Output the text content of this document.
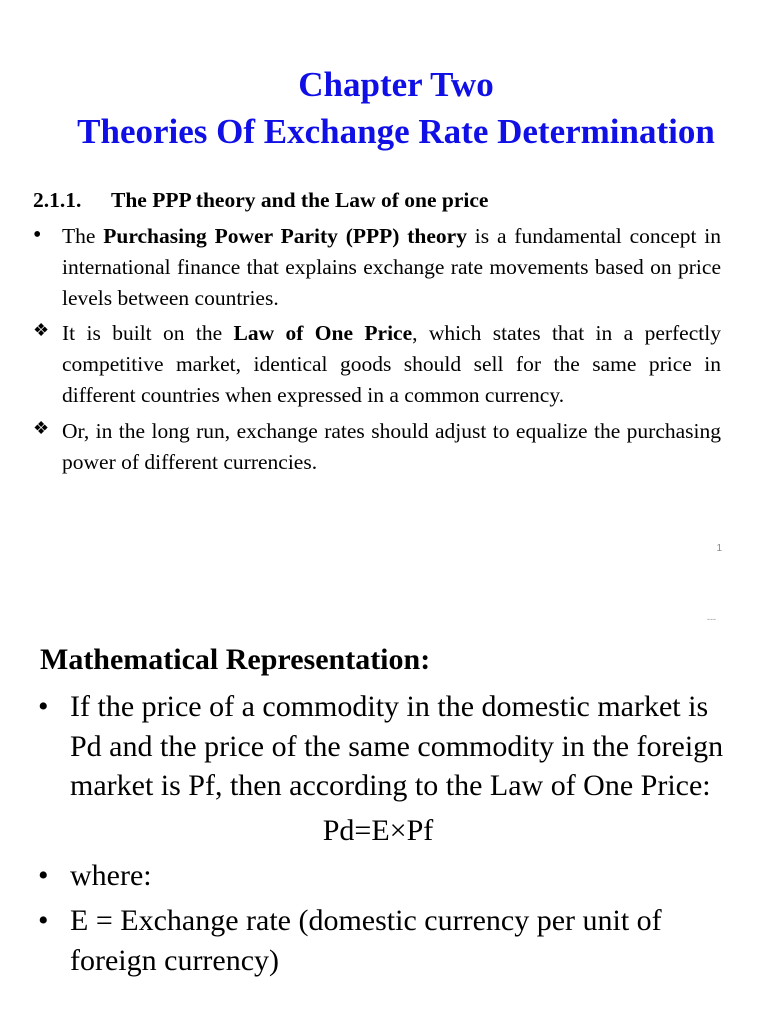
Chapter Two
Theories Of Exchange Rate Determination
2.1.1. The PPP theory and the Law of one price
• The Purchasing Power Parity (PPP) theory is a fundamental concept in international finance that explains exchange rate movements based on price levels between countries.
❖ It is built on the Law of One Price, which states that in a perfectly competitive market, identical goods should sell for the same price in different countries when expressed in a common currency.
❖ Or, in the long run, exchange rates should adjust to equalize the purchasing power of different currencies.
1
---
Mathematical Representation:
• If the price of a commodity in the domestic market is Pd and the price of the same commodity in the foreign market is Pf, then according to the Law of One Price:
Pd=E×Pf
• where:
• E = Exchange rate (domestic currency per unit of foreign currency)
